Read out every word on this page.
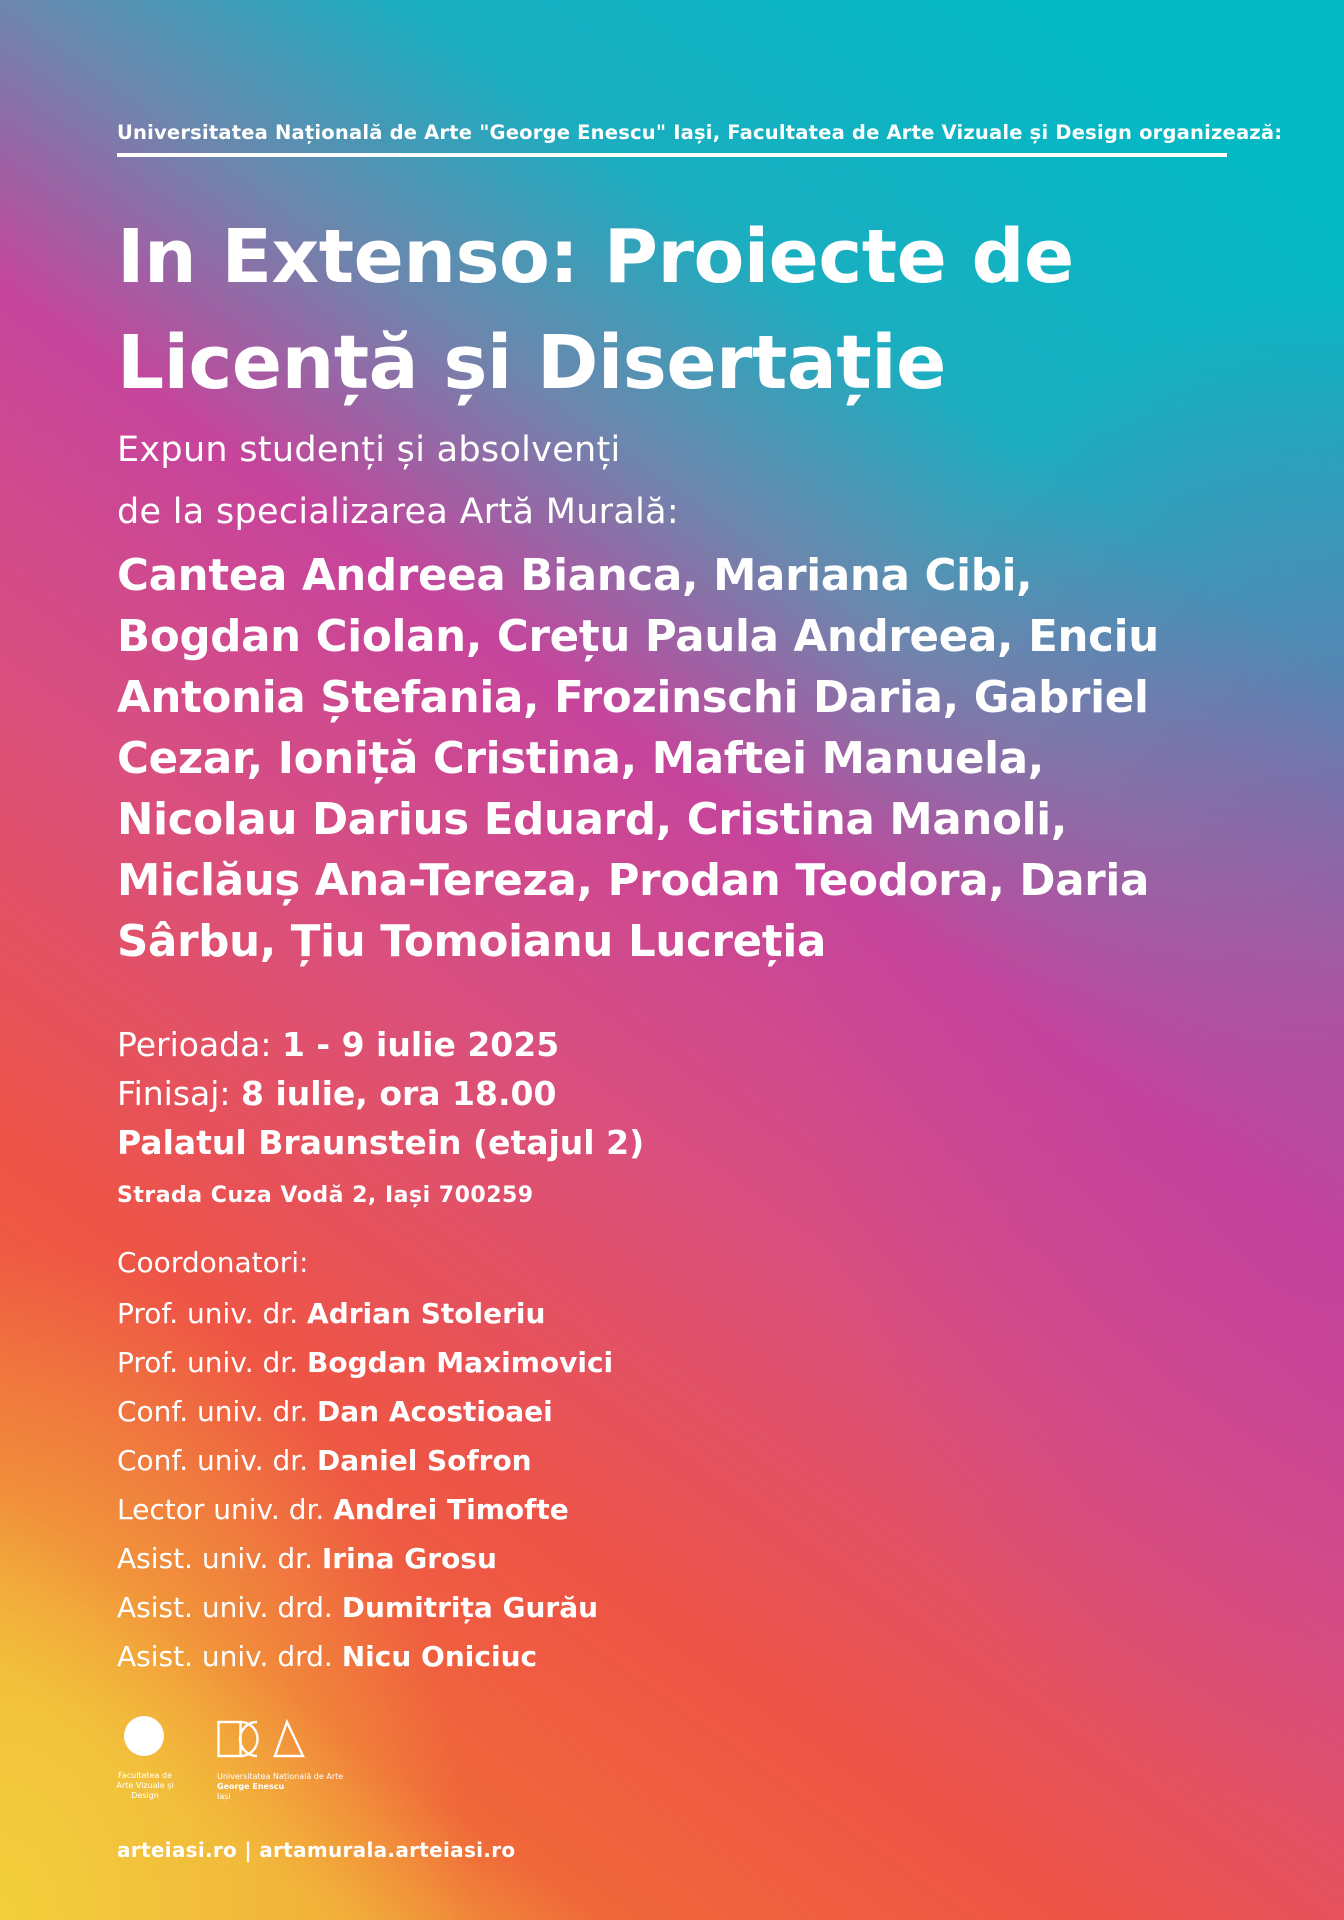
Universitatea Națională de Arte "George Enescu" Iași, Facultatea de Arte Vizuale și Design organizează:
In Extenso: Proiecte de
Licență și Disertație
Expun studenți și absolvenți
de la specializarea Artă Murală:
Cantea Andreea Bianca, Mariana Cibi,
Bogdan Ciolan, Crețu Paula Andreea, Enciu
Antonia Ștefania, Frozinschi Daria, Gabriel
Cezar, Ioniță Cristina, Maftei Manuela,
Nicolau Darius Eduard, Cristina Manoli,
Miclăuș Ana-Tereza, Prodan Teodora, Daria
Sârbu, Țiu Tomoianu Lucreția
Perioada: 1 - 9 iulie 2025
Finisaj: 8 iulie, ora 18.00
Palatul Braunstein (etajul 2)
Strada Cuza Vodă 2, Iași 700259
Coordonatori:
Prof. univ. dr. Adrian Stoleriu
Prof. univ. dr. Bogdan Maximovici
Conf. univ. dr. Dan Acostioaei
Conf. univ. dr. Daniel Sofron
Lector univ. dr. Andrei Timofte
Asist. univ. dr. Irina Grosu
Asist. univ. drd. Dumitrița Gurău
Asist. univ. drd. Nicu Oniciuc
Facultatea de
Arte Vizuale și
Design
Universitatea Națională de Arte
George Enescu
Iași
arteiasi.ro | artamurala.arteiasi.ro
